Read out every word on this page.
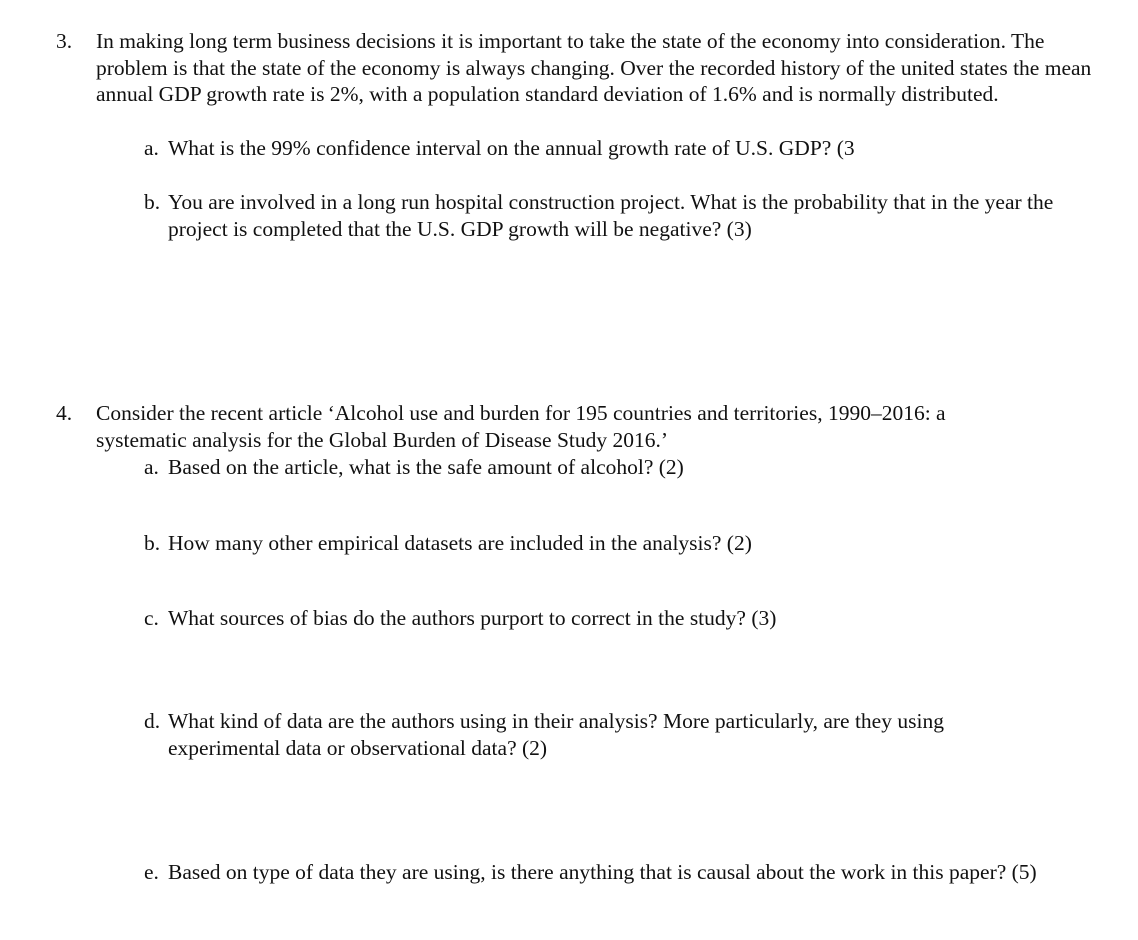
3. In making long term business decisions it is important to take the state of the economy into consideration. The problem is that the state of the economy is always changing. Over the recorded history of the united states the mean annual GDP growth rate is 2%, with a population standard deviation of 1.6% and is normally distributed.
a. What is the 99% confidence interval on the annual growth rate of U.S. GDP? (3
b. You are involved in a long run hospital construction project. What is the probability that in the year the project is completed that the U.S. GDP growth will be negative? (3)
4. Consider the recent article ‘Alcohol use and burden for 195 countries and territories, 1990–2016: a systematic analysis for the Global Burden of Disease Study 2016.’
a. Based on the article, what is the safe amount of alcohol? (2)
b. How many other empirical datasets are included in the analysis? (2)
c. What sources of bias do the authors purport to correct in the study? (3)
d. What kind of data are the authors using in their analysis? More particularly, are they using experimental data or observational data? (2)
e. Based on type of data they are using, is there anything that is causal about the work in this paper? (5)
